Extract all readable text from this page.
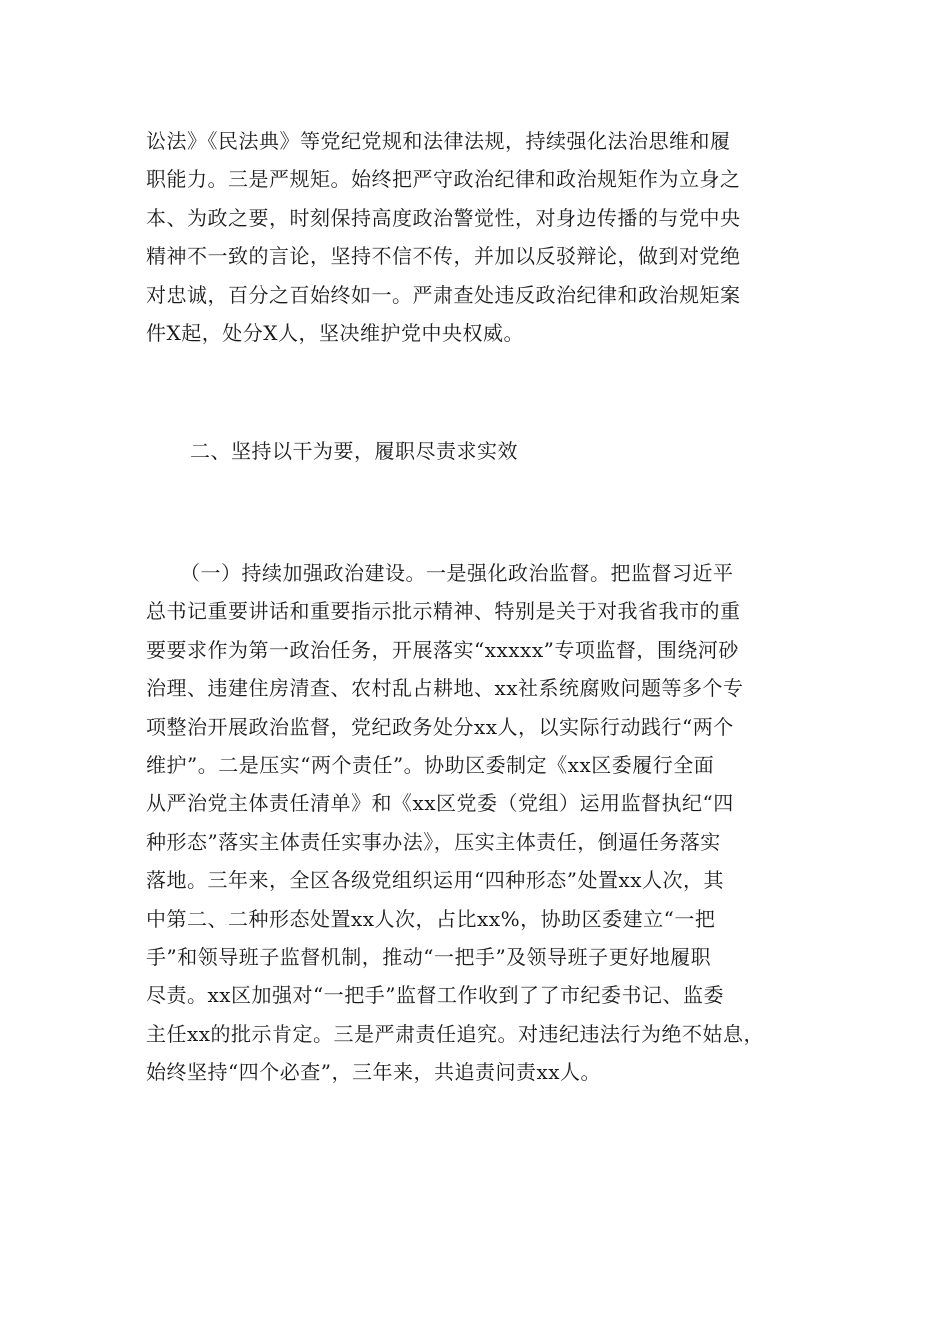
讼法》《民法典》等党纪党规和法律法规，持续强化法治思维和履
职能力。三是严规矩。始终把严守政治纪律和政治规矩作为立身之
本、为政之要，时刻保持高度政治警觉性，对身边传播的与党中央
精神不一致的言论，坚持不信不传，并加以反驳辩论，做到对党绝
对忠诚，百分之百始终如一。严肃查处违反政治纪律和政治规矩案
件X起，处分X人，坚决维护党中央权威。
二、坚持以干为要，履职尽责求实效
（一）持续加强政治建设。一是强化政治监督。把监督习近平
总书记重要讲话和重要指示批示精神、特别是关于对我省我市的重
要要求作为第一政治任务，开展落实“xxxxx”专项监督，围绕河砂
治理、违建住房清查、农村乱占耕地、xx社系统腐败问题等多个专
项整治开展政治监督，党纪政务处分xx人，以实际行动践行“两个
维护”。二是压实“两个责任”。协助区委制定《xx区委履行全面
从严治党主体责任清单》和《xx区党委（党组）运用监督执纪“四
种形态”落实主体责任实事办法》，压实主体责任，倒逼任务落实
落地。三年来，全区各级党组织运用“四种形态”处置xx人次，其
中第二、二种形态处置xx人次，占比xx%，协助区委建立“一把
手”和领导班子监督机制，推动“一把手”及领导班子更好地履职
尽责。xx区加强对“一把手”监督工作收到了了市纪委书记、监委
主任xx的批示肯定。三是严肃责任追究。对违纪违法行为绝不姑息，
始终坚持“四个必查”，三年来，共追责问责xx人。
